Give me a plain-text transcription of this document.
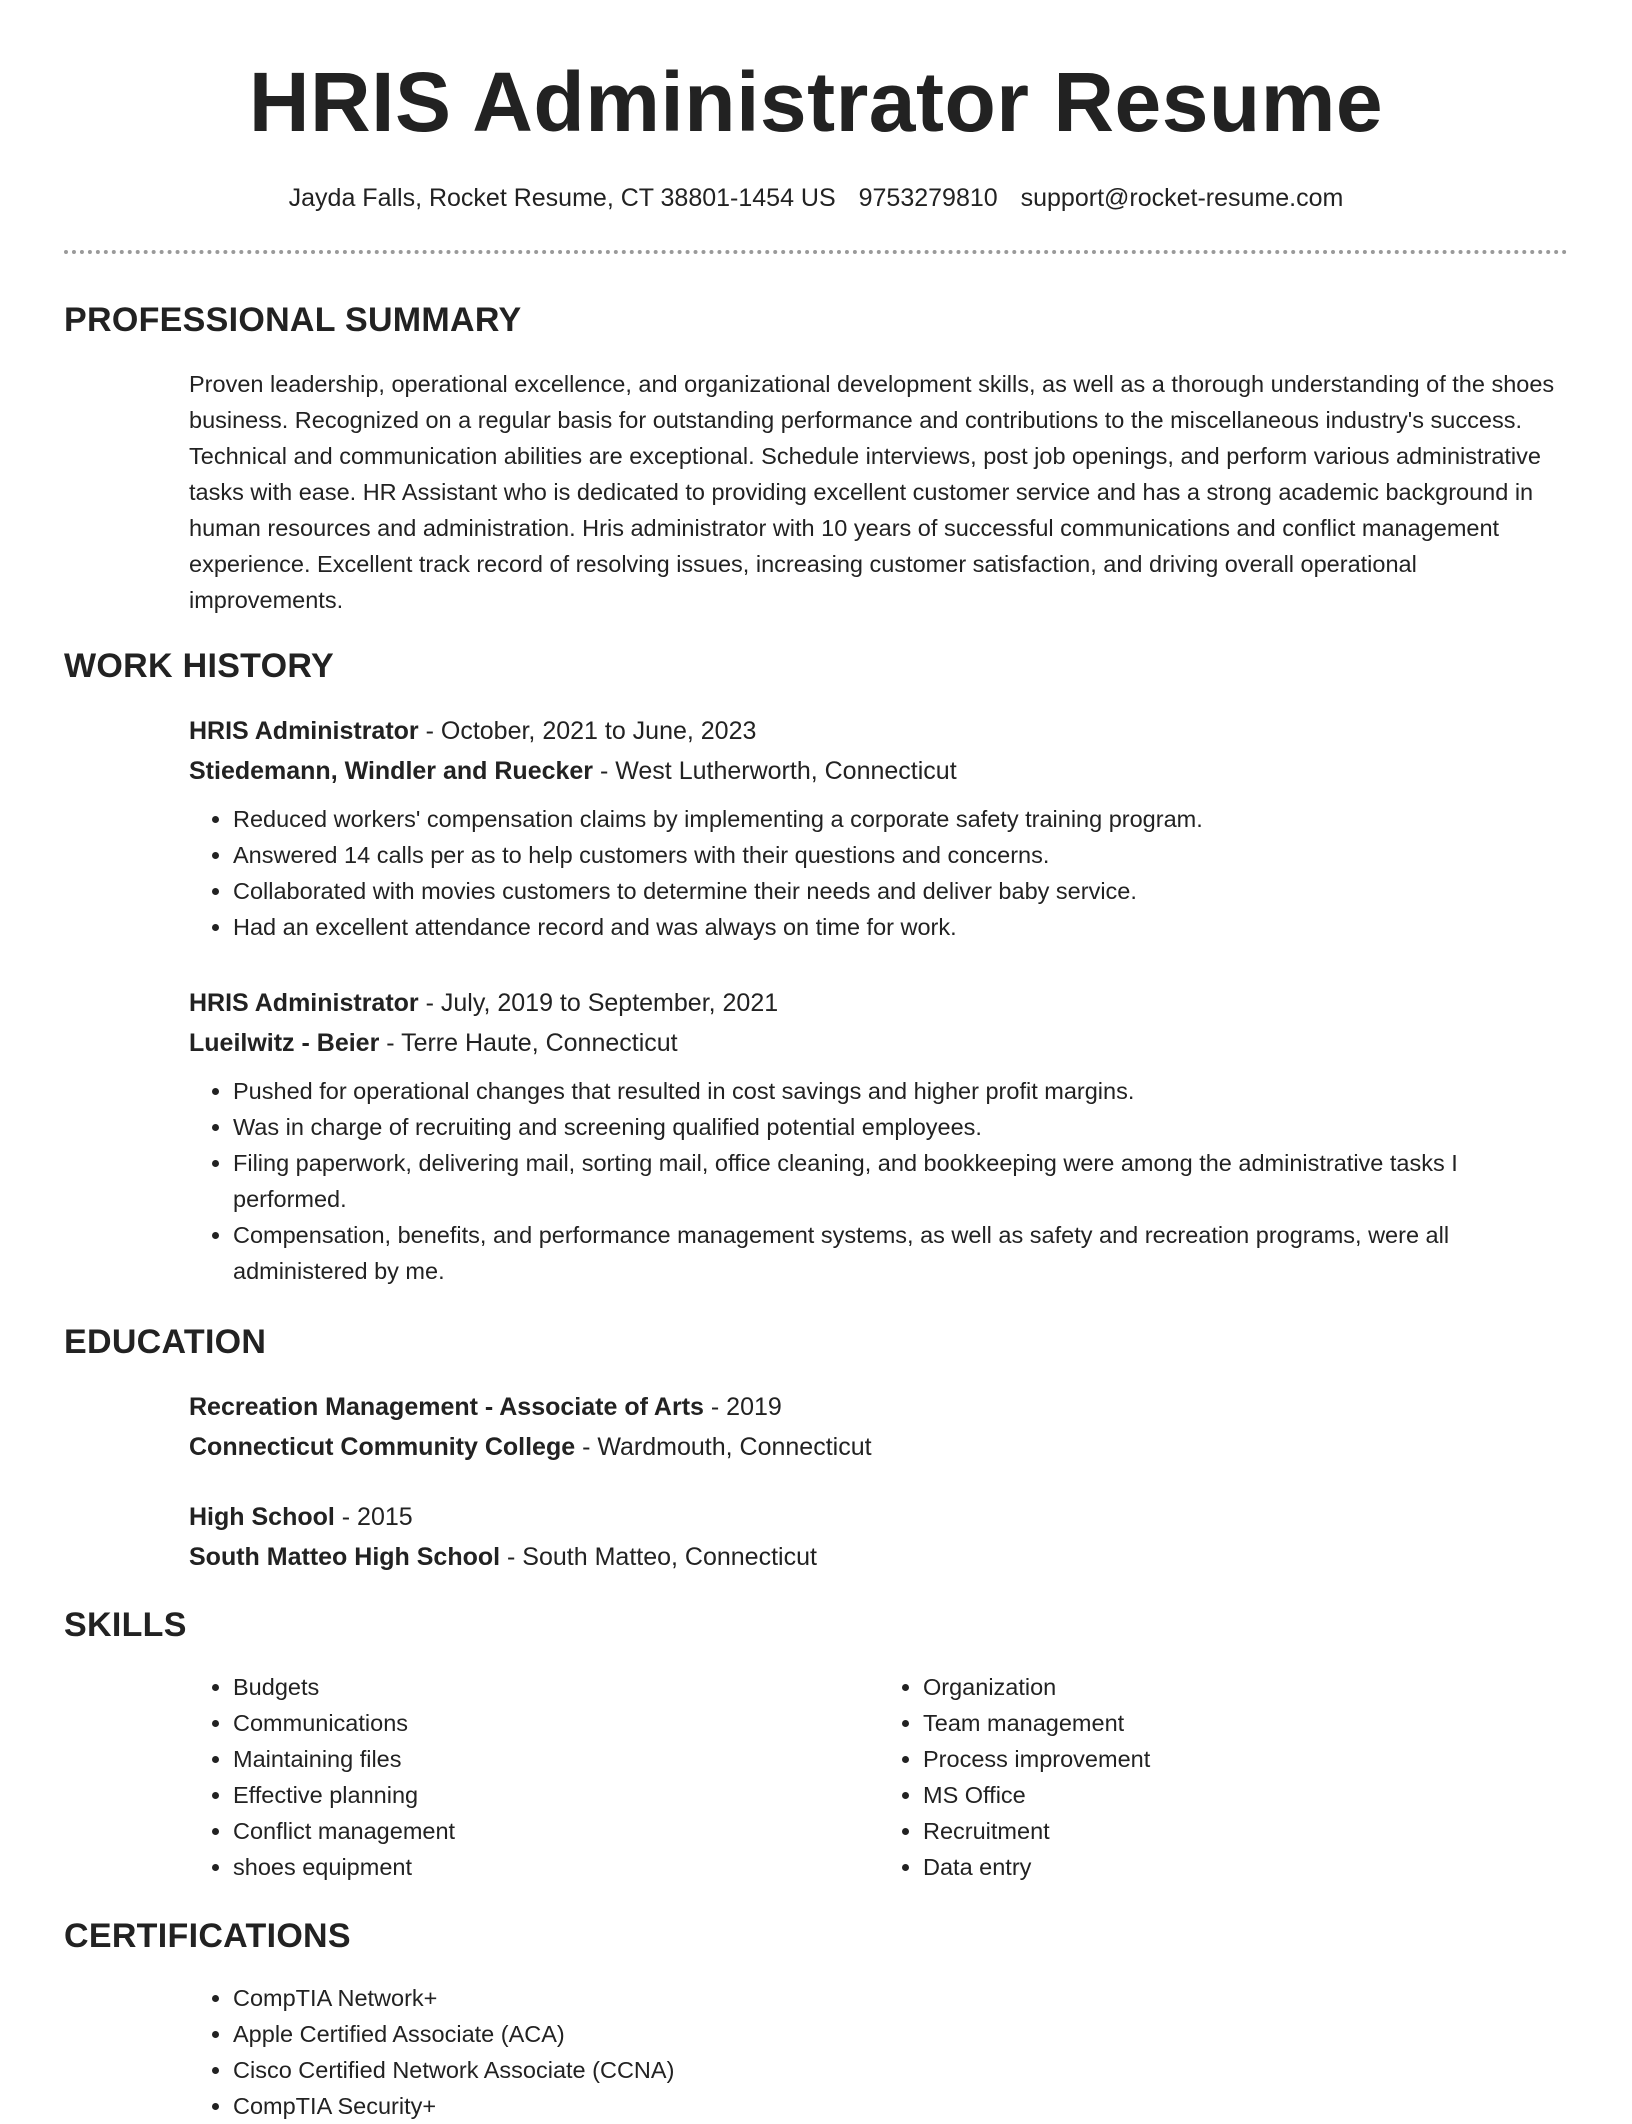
HRIS Administrator Resume
Jayda Falls, Rocket Resume, CT 38801-1454 US 9753279810 support@rocket-resume.com
PROFESSIONAL SUMMARY

Proven leadership, operational excellence, and organizational development skills, as well as a thorough understanding of the shoes business. Recognized on a regular basis for outstanding performance and contributions to the miscellaneous industry's success. Technical and communication abilities are exceptional. Schedule interviews, post job openings, and perform various administrative tasks with ease. HR Assistant who is dedicated to providing excellent customer service and has a strong academic background in human resources and administration. Hris administrator with 10 years of successful communications and conflict management experience. Excellent track record of resolving issues, increasing customer satisfaction, and driving overall operational improvements.

WORK HISTORY

HRIS Administrator - October, 2021 to June, 2023

Stiedemann, Windler and Ruecker - West Lutherworth, Connecticut

• Reduced workers' compensation claims by implementing a corporate safety training program.
• Answered 14 calls per as to help customers with their questions and concerns.
• Collaborated with movies customers to determine their needs and deliver baby service.
• Had an excellent attendance record and was always on time for work.

HRIS Administrator - July, 2019 to September, 2021

Lueilwitz - Beier - Terre Haute, Connecticut

• Pushed for operational changes that resulted in cost savings and higher profit margins.
• Was in charge of recruiting and screening qualified potential employees.
• Filing paperwork, delivering mail, sorting mail, office cleaning, and bookkeeping were among the administrative tasks I performed.
• Compensation, benefits, and performance management systems, as well as safety and recreation programs, were all administered by me.
EDUCATION

Recreation Management - Associate of Arts - 2019

Connecticut Community College - Wardmouth, Connecticut

High School - 2015

South Matteo High School - South Matteo, Connecticut

SKILLS
• Budgets
• Communications
• Maintaining files
• Effective planning
• Conflict management
• shoes equipment
• Organization
• Team management
• Process improvement
• MS Office
• Recruitment
• Data entry
CERTIFICATIONS
• CompTIA Network+
• Apple Certified Associate (ACA)
• Cisco Certified Network Associate (CCNA)
• CompTIA Security+
